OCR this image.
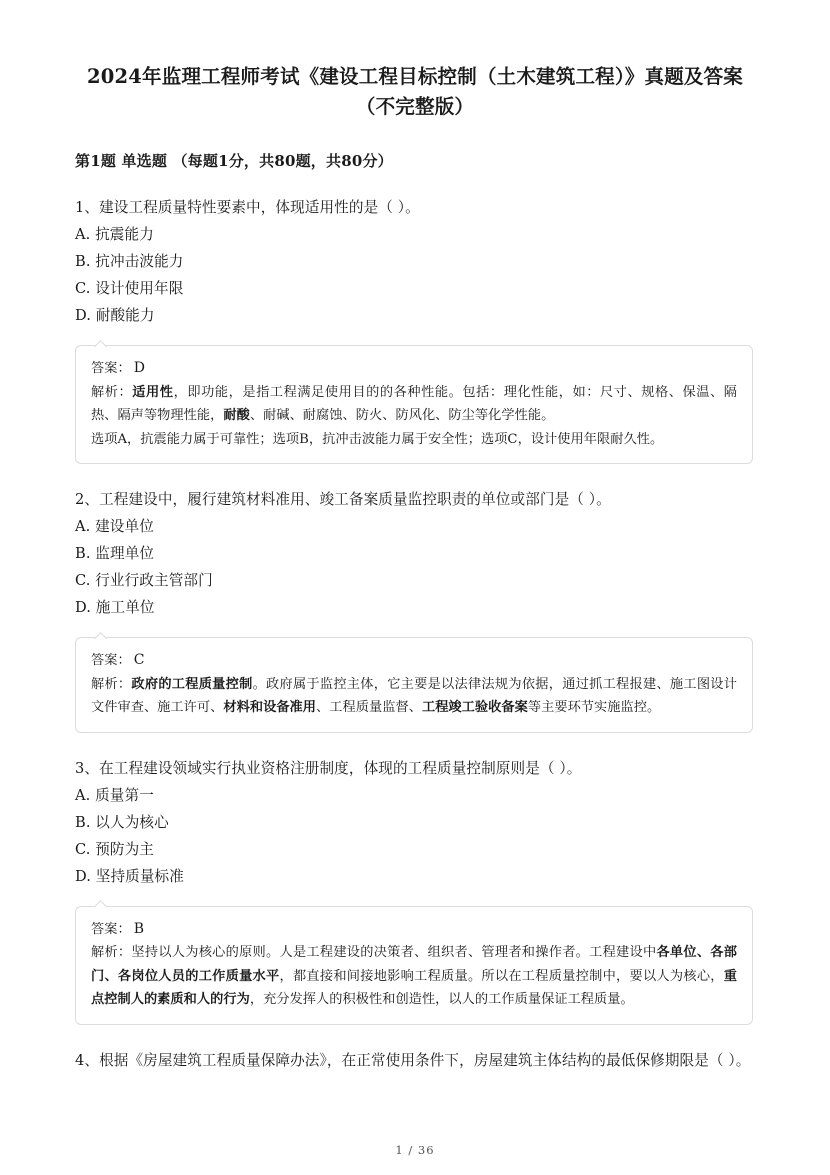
2024年监理工程师考试《建设工程目标控制（土木建筑工程）》真题及答案（不完整版）
第1题 单选题 （每题1分，共80题，共80分）
1、建设工程质量特性要素中，体现适用性的是（ ）。
A. 抗震能力
B. 抗冲击波能力
C. 设计使用年限
D. 耐酸能力
答案： D
解析：适用性，即功能，是指工程满足使用目的的各种性能。包括：理化性能，如：尺寸、规格、保温、隔热、隔声等物理性能，耐酸、耐碱、耐腐蚀、防火、防风化、防尘等化学性能。
选项A，抗震能力属于可靠性；选项B，抗冲击波能力属于安全性；选项C，设计使用年限耐久性。
2、工程建设中，履行建筑材料准用、竣工备案质量监控职责的单位或部门是（ ）。
A. 建设单位
B. 监理单位
C. 行业行政主管部门
D. 施工单位
答案： C
解析：政府的工程质量控制。政府属于监控主体，它主要是以法律法规为依据，通过抓工程报建、施工图设计文件审查、施工许可、材料和设备准用、工程质量监督、工程竣工验收备案等主要环节实施监控。
3、在工程建设领域实行执业资格注册制度，体现的工程质量控制原则是（ ）。
A. 质量第一
B. 以人为核心
C. 预防为主
D. 坚持质量标准
答案： B
解析：坚持以人为核心的原则。人是工程建设的决策者、组织者、管理者和操作者。工程建设中各单位、各部门、各岗位人员的工作质量水平，都直接和间接地影响工程质量。所以在工程质量控制中，要以人为核心，重点控制人的素质和人的行为，充分发挥人的积极性和创造性，以人的工作质量保证工程质量。
4、根据《房屋建筑工程质量保障办法》，在正常使用条件下，房屋建筑主体结构的最低保修期限是（ ）。
1 / 36
